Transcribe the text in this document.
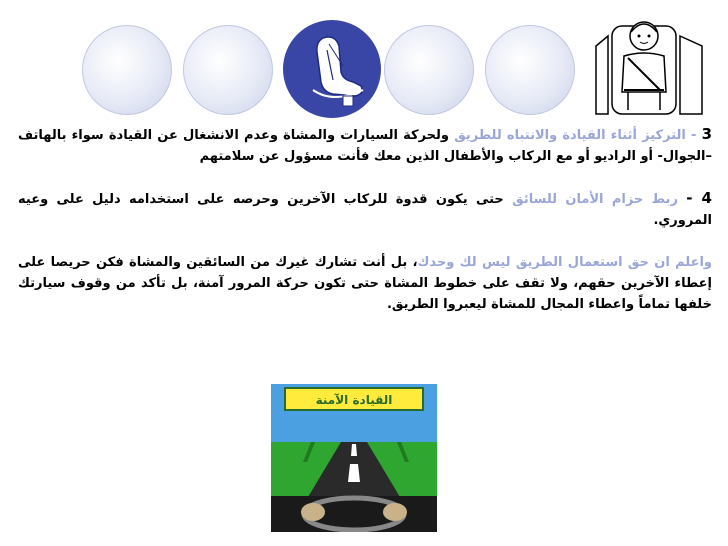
3 - التركيز أثناء القيادة والانتباه للطريق ولحركة السيارات والمشاة وعدم الانشغال عن القيادة سواء بالهاتف –الجوال- أو الراديو أو مع الركاب والأطفال الذين معك فأنت مسؤول عن سلامتهم

4 - ربط حزام الأمان للسائق حتى يكون قدوة للركاب الآخرين وحرصه على استخدامه دليل على وعيه المروري.

واعلم ان حق استعمال الطريق ليس لك وحدك، بل أنت تشارك غيرك من السائقين والمشاة فكن حريصا على إعطاء الآخرين حقهم، ولا تقف على خطوط المشاة حتى تكون حركة المرور آمنة، بل تأكد من وقوف سيارتك خلفها تماماً واعطاء المجال للمشاة ليعبروا الطريق.

القيادة الآمنة
